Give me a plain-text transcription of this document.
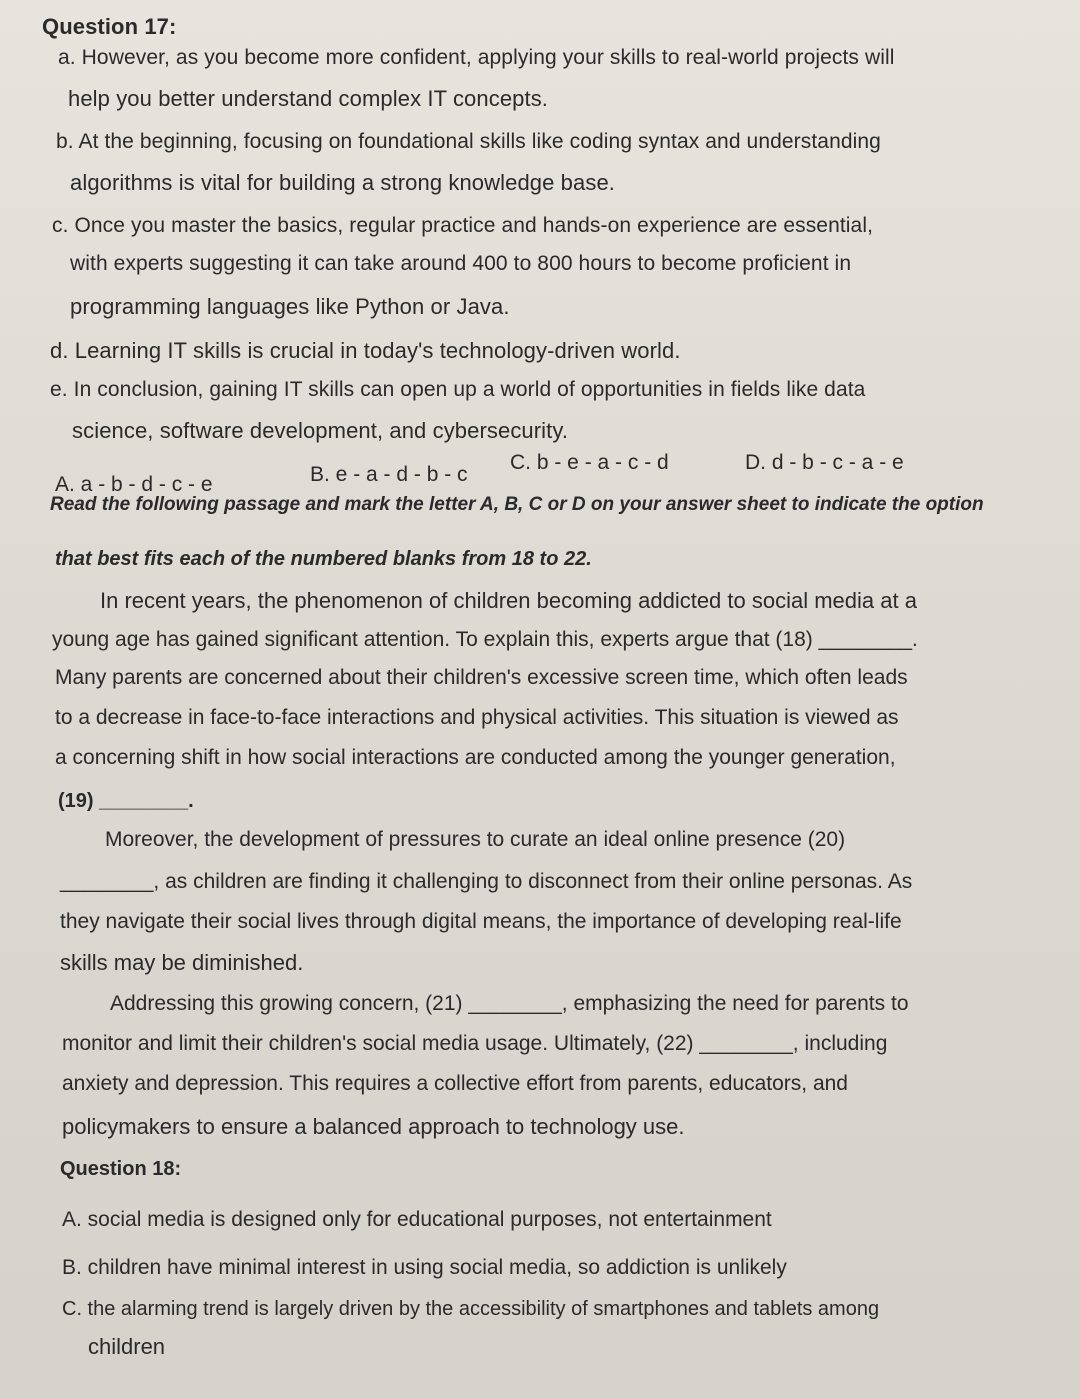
Question 17:
a. However, as you become more confident, applying your skills to real-world projects will
help you better understand complex IT concepts.
b. At the beginning, focusing on foundational skills like coding syntax and understanding
algorithms is vital for building a strong knowledge base.
c. Once you master the basics, regular practice and hands-on experience are essential,
with experts suggesting it can take around 400 to 800 hours to become proficient in
programming languages like Python or Java.
d. Learning IT skills is crucial in today's technology-driven world.
e. In conclusion, gaining IT skills can open up a world of opportunities in fields like data
science, software development, and cybersecurity.
A. a - b - d - c - e	B. e - a - d - b - c
C. b - e - a - c - d	D. d - b - c - a - e
Read the following passage and mark the letter A, B, C or D on your answer sheet to indicate the option
that best fits each of the numbered blanks from 18 to 22.
In recent years, the phenomenon of children becoming addicted to social media at a
young age has gained significant attention. To explain this, experts argue that (18) ________.
Many parents are concerned about their children's excessive screen time, which often leads
to a decrease in face-to-face interactions and physical activities. This situation is viewed as
a concerning shift in how social interactions are conducted among the younger generation,
(19) ________.
Moreover, the development of pressures to curate an ideal online presence (20)
________, as children are finding it challenging to disconnect from their online personas. As
they navigate their social lives through digital means, the importance of developing real-life
skills may be diminished.
Addressing this growing concern, (21) ________, emphasizing the need for parents to
monitor and limit their children's social media usage. Ultimately, (22) ________, including
anxiety and depression. This requires a collective effort from parents, educators, and
policymakers to ensure a balanced approach to technology use.
Question 18:
A. social media is designed only for educational purposes, not entertainment
B. children have minimal interest in using social media, so addiction is unlikely
C. the alarming trend is largely driven by the accessibility of smartphones and tablets among
children
